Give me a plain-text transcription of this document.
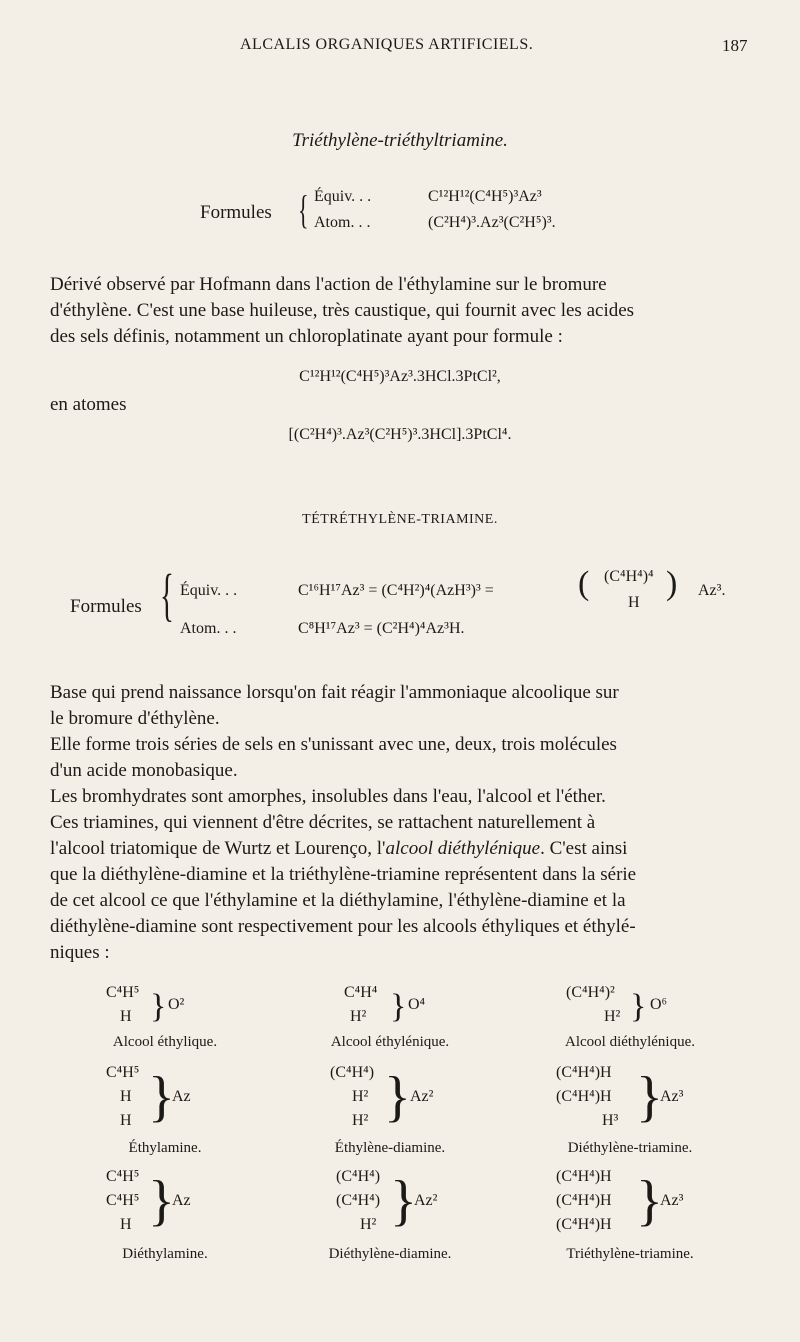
ALCALIS ORGANIQUES ARTIFICIELS.	187
Triéthylène-triéthyltriamine.
Formules { Équiv. . .	C¹²H¹²(C⁴H⁵)³Az³
Atom. . .	(C²H⁴)³.Az³(C²H⁵)³.
Dérivé observé par Hofmann dans l'action de l'éthylamine sur le bromure
d'éthylène. C'est une base huileuse, très caustique, qui fournit avec les acides
des sels définis, notamment un chloroplatinate ayant pour formule :
C¹²H¹²(C⁴H⁵)³Az³.3HCl.3PtCl²,
en atomes
[(C²H⁴)³.Az³(C²H⁵)³.3HCl].3PtCl⁴.
TÉTRÉTHYLÈNE-TRIAMINE.
Formules { Équiv. . .	C¹⁶H¹⁷Az³ = (C⁴H²)⁴(AzH³)³ = ( (C⁴H⁴)⁴
H
) Az³.
Atom. . .	C⁸H¹⁷Az³ = (C²H⁴)⁴Az³H.
Base qui prend naissance lorsqu'on fait réagir l'ammoniaque alcoolique sur
le bromure d'éthylène.
Elle forme trois séries de sels en s'unissant avec une, deux, trois molécules
d'un acide monobasique.
Les bromhydrates sont amorphes, insolubles dans l'eau, l'alcool et l'éther.
Ces triamines, qui viennent d'être décrites, se rattachent naturellement à
l'alcool triatomique de Wurtz et Lourenço, l'alcool diéthylénique. C'est ainsi
que la diéthylène-diamine et la triéthylène-triamine représentent dans la série
de cet alcool ce que l'éthylamine et la diéthylamine, l'éthylène-diamine et la
diéthylène-diamine sont respectivement pour les alcools éthyliques et éthylé-
niques :
C⁴H⁵
H } O²
Alcool éthylique.
C⁴H⁴
H² } O⁴
Alcool éthylénique.
(C⁴H⁴)²
H² } O⁶
Alcool diéthylénique.
C⁴H⁵
H
H }
Az
Éthylamine.
(C⁴H⁴)
H²
H² } Az²
Éthylène-diamine.
(C⁴H⁴)H
(C⁴H⁴)H
H³ }
Az³
Diéthylène-triamine.
C⁴H⁵
C⁴H⁵
H }
Az
Diéthylamine.
(C⁴H⁴)
(C⁴H⁴)
H² }
Az²
Diéthylène-diamine.
(C⁴H⁴)H
(C⁴H⁴)H
(C⁴H⁴)H }
Az³
Triéthylène-triamine.
